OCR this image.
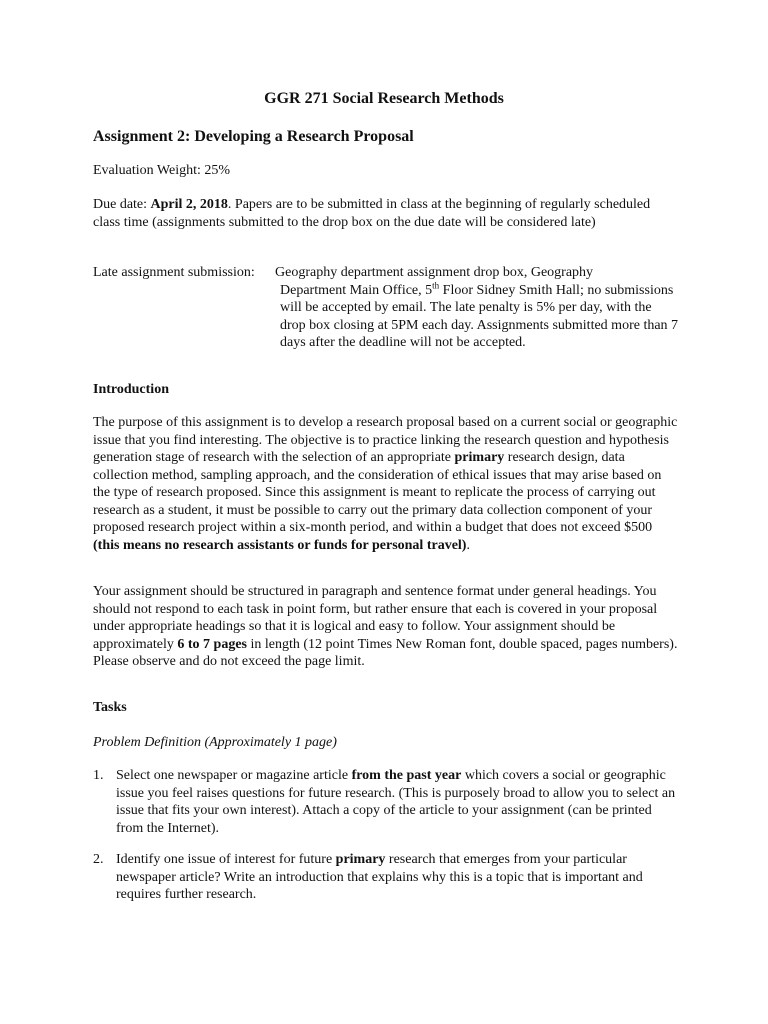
GGR 271 Social Research Methods
Assignment 2: Developing a Research Proposal

Evaluation Weight: 25%

Due date: April 2, 2018. Papers are to be submitted in class at the beginning of regularly scheduled class time (assignments submitted to the drop box on the due date will be considered late)

Late assignment submission: Geography department assignment drop box, Geography
Department Main Office, 5th Floor Sidney Smith Hall; no submissions will be accepted by email. The late penalty is 5% per day, with the drop box closing at 5PM each day. Assignments submitted more than 7 days after the deadline will not be accepted.
Introduction

The purpose of this assignment is to develop a research proposal based on a current social or geographic issue that you find interesting. The objective is to practice linking the research question and hypothesis generation stage of research with the selection of an appropriate primary research design, data collection method, sampling approach, and the consideration of ethical issues that may arise based on the type of research proposed. Since this assignment is meant to replicate the process of carrying out research as a student, it must be possible to carry out the primary data collection component of your proposed research project within a six-month period, and within a budget that does not exceed $500 (this means no research assistants or funds for personal travel).

Your assignment should be structured in paragraph and sentence format under general headings. You should not respond to each task in point form, but rather ensure that each is covered in your proposal under appropriate headings so that it is logical and easy to follow. Your assignment should be approximately 6 to 7 pages in length (12 point Times New Roman font, double spaced, pages numbers). Please observe and do not exceed the page limit.

Tasks

Problem Definition (Approximately 1 page)

1. Select one newspaper or magazine article from the past year which covers a social or geographic issue you feel raises questions for future research. (This is purposely broad to allow you to select an issue that fits your own interest). Attach a copy of the article to your assignment (can be printed from the Internet).
2. Identify one issue of interest for future primary research that emerges from your particular newspaper article? Write an introduction that explains why this is a topic that is important and requires further research.
